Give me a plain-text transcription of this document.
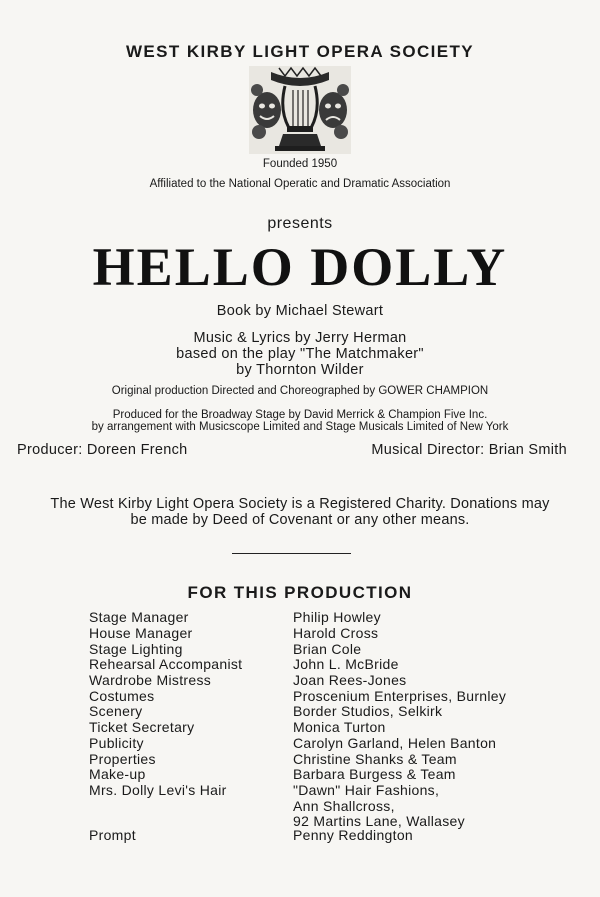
WEST KIRBY LIGHT OPERA SOCIETY
Founded 1950
Affiliated to the National Operatic and Dramatic Association
presents
HELLO DOLLY
Book by Michael Stewart
Music & Lyrics by Jerry Herman
based on the play "The Matchmaker"
by Thornton Wilder
Original production Directed and Choreographed by GOWER CHAMPION
Produced for the Broadway Stage by David Merrick & Champion Five Inc.
by arrangement with Musicscope Limited and Stage Musicals Limited of New York
Producer: Doreen French	Musical Director: Brian Smith
The West Kirby Light Opera Society is a Registered Charity. Donations may
be made by Deed of Covenant or any other means.
FOR THIS PRODUCTION
Stage Manager	Philip Howley
House Manager	Harold Cross
Stage Lighting	Brian Cole
Rehearsal Accompanist	John L. McBride
Wardrobe Mistress	Joan Rees-Jones
Costumes	Proscenium Enterprises, Burnley
Scenery	Border Studios, Selkirk
Ticket Secretary	Monica Turton
Publicity	Carolyn Garland, Helen Banton
Properties	Christine Shanks & Team
Make-up	Barbara Burgess & Team
Mrs. Dolly Levi's Hair	"Dawn" Hair Fashions,
Ann Shallcross,
92 Martins Lane, Wallasey
Prompt	Penny Reddington
